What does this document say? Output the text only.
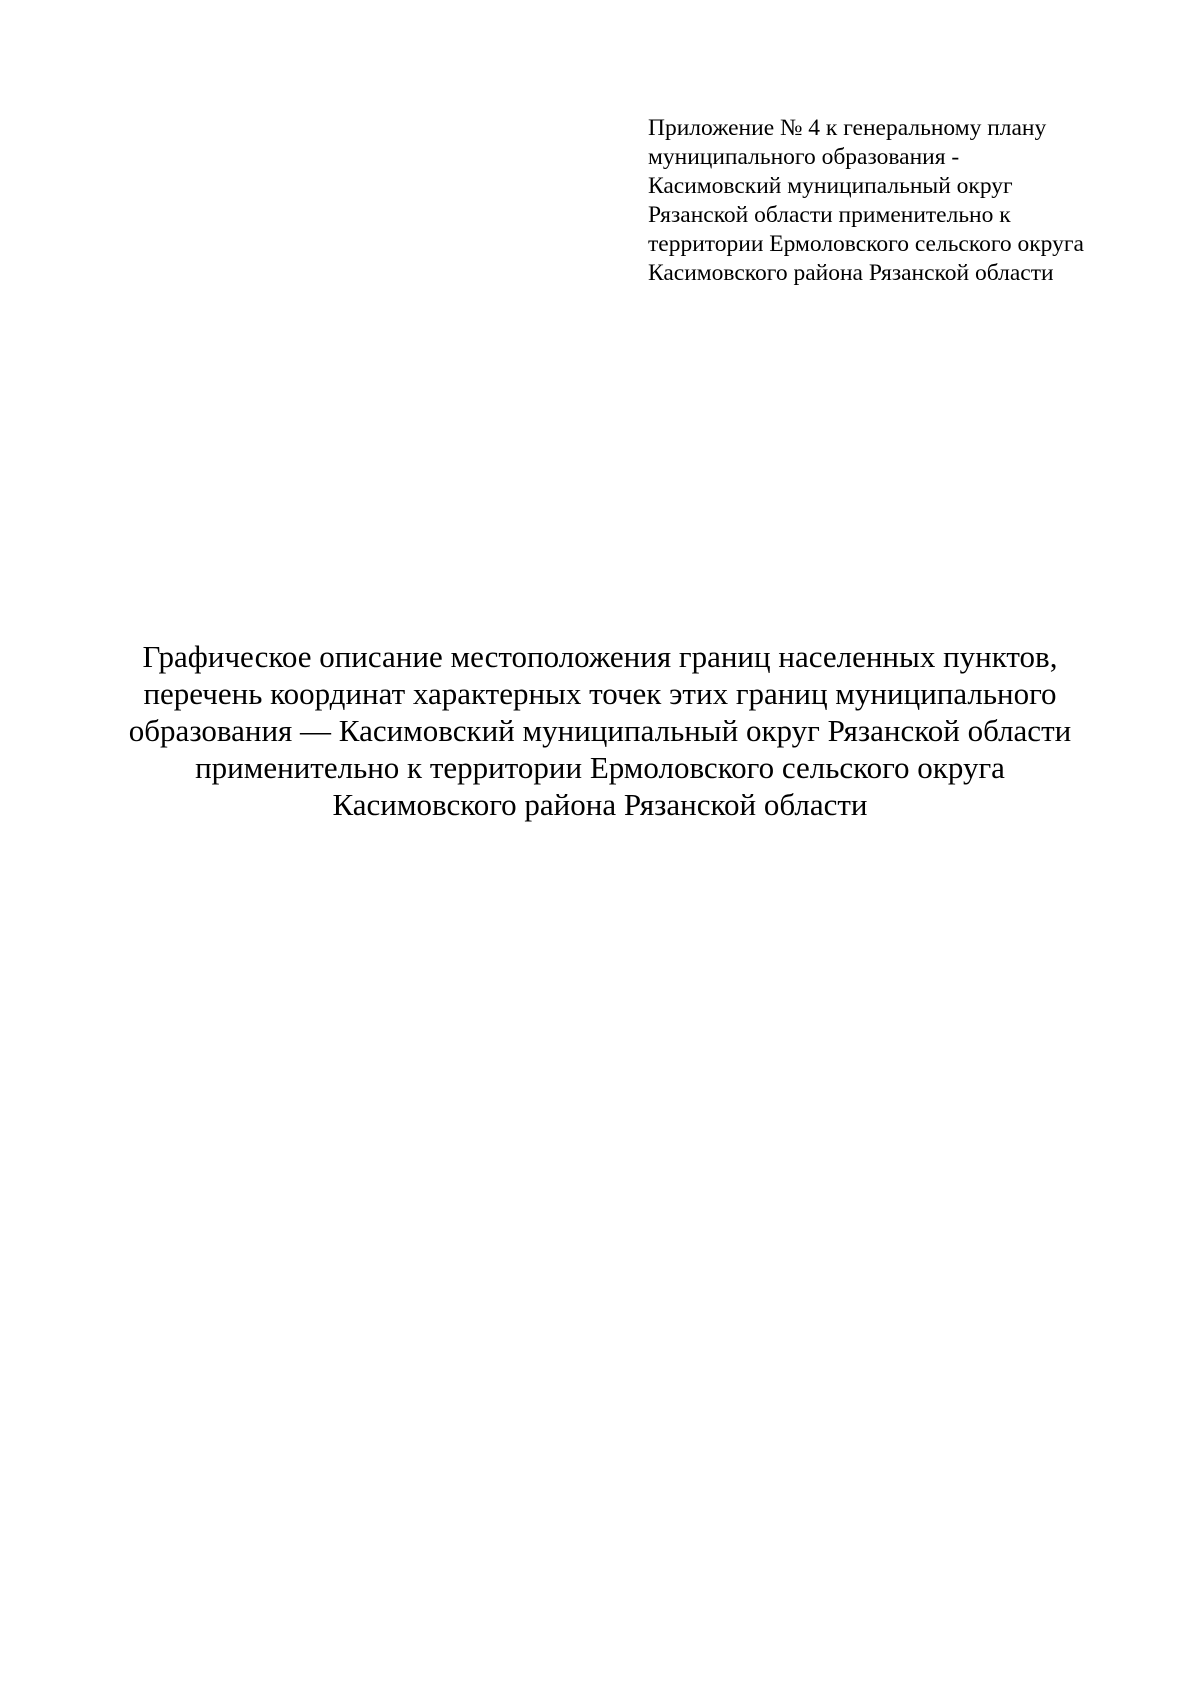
Приложение № 4 к генеральному плану
муниципального образования -
Касимовский муниципальный округ
Рязанской области применительно к
территории Ермоловского сельского округа
Касимовского района Рязанской области
Графическое описание местоположения границ населенных пунктов,
перечень координат характерных точек этих границ муниципального
образования — Касимовский муниципальный округ Рязанской области
применительно к территории Ермоловского сельского округа
Касимовского района Рязанской области
